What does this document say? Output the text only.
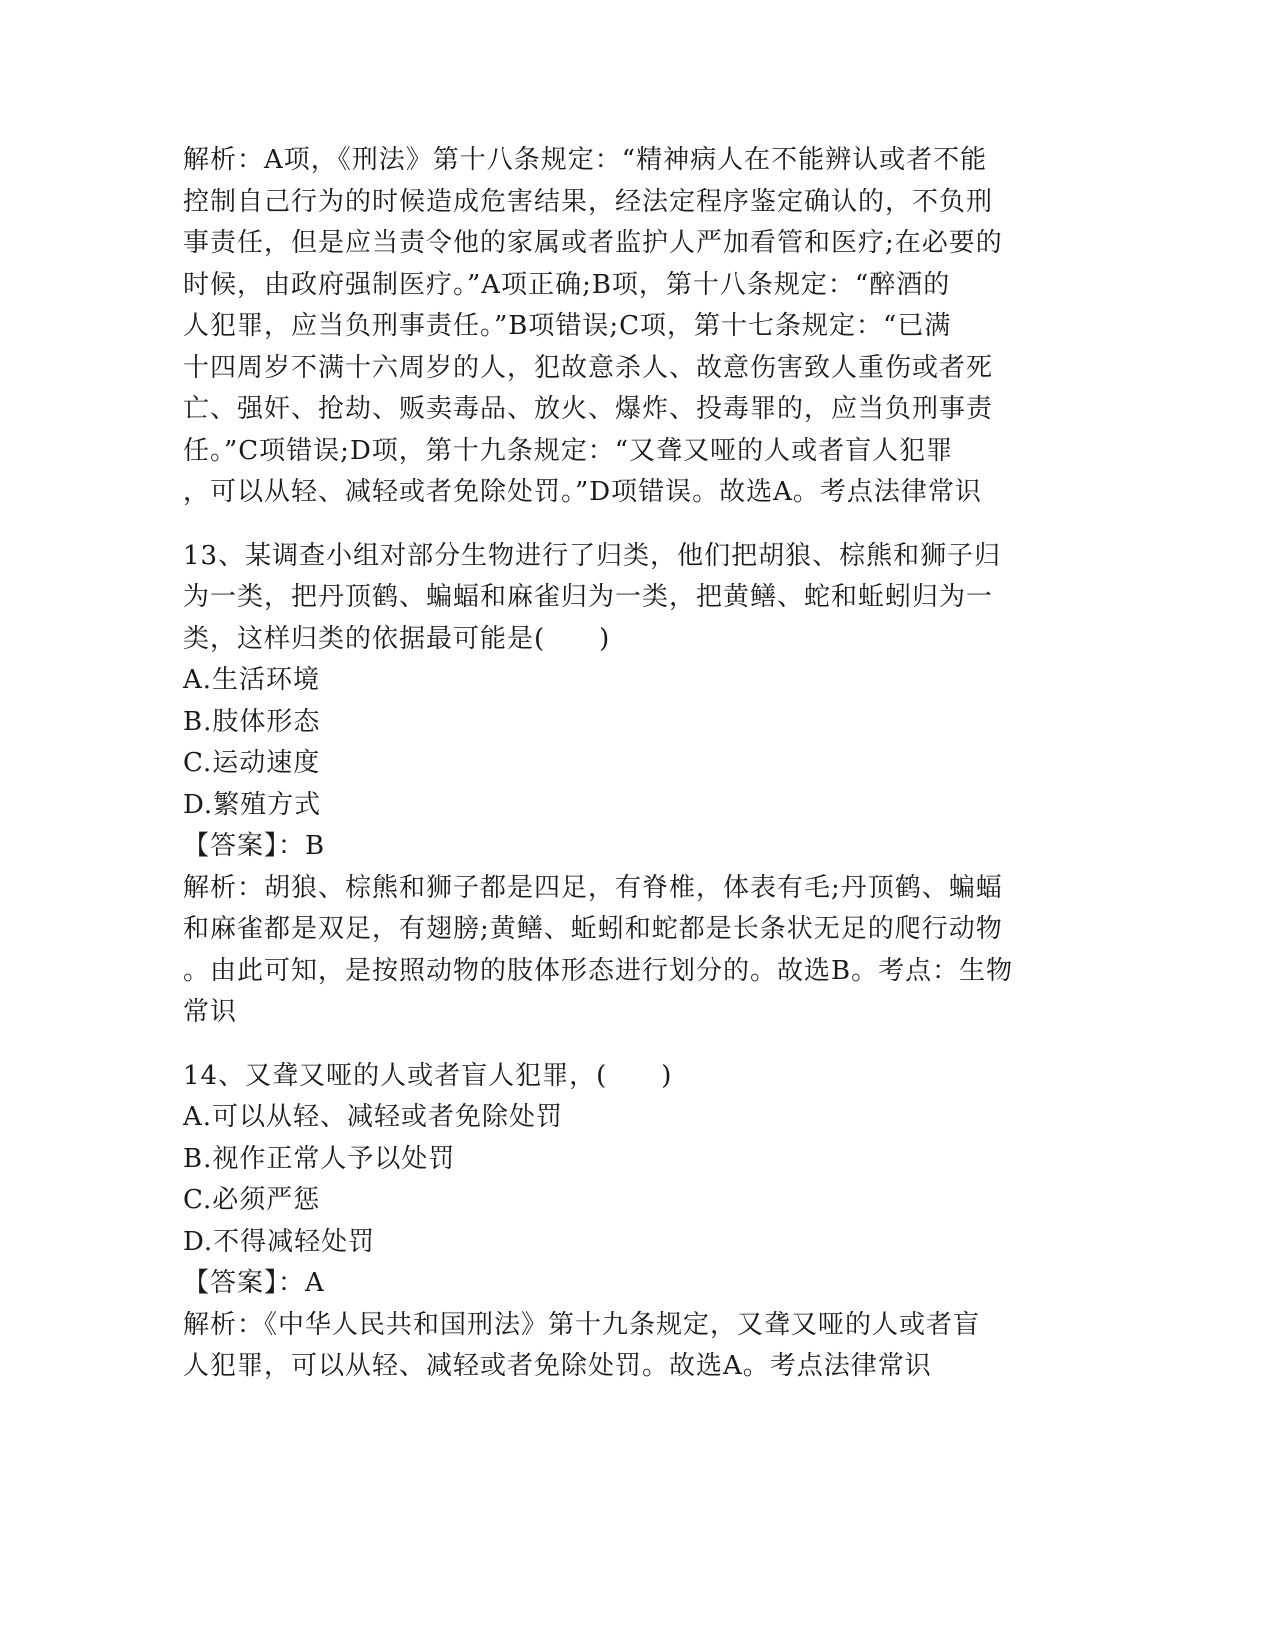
解析：A项，《刑法》第十八条规定：“精神病人在不能辨认或者不能
控制自己行为的时候造成危害结果，经法定程序鉴定确认的，不负刑
事责任，但是应当责令他的家属或者监护人严加看管和医疗;在必要的
时候，由政府强制医疗。”A项正确;B项，第十八条规定：“醉酒的
人犯罪，应当负刑事责任。”B项错误;C项，第十七条规定：“已满
十四周岁不满十六周岁的人，犯故意杀人、故意伤害致人重伤或者死
亡、强奸、抢劫、贩卖毒品、放火、爆炸、投毒罪的，应当负刑事责
任。”C项错误;D项，第十九条规定：“又聋又哑的人或者盲人犯罪
，可以从轻、减轻或者免除处罚。”D项错误。故选A。考点法律常识
13、某调查小组对部分生物进行了归类，他们把胡狼、棕熊和狮子归
为一类，把丹顶鹤、蝙蝠和麻雀归为一类，把黄鳝、蛇和蚯蚓归为一
类，这样归类的依据最可能是(　　)
A.生活环境
B.肢体形态
C.运动速度
D.繁殖方式
【答案】：B
解析：胡狼、棕熊和狮子都是四足，有脊椎，体表有毛;丹顶鹤、蝙蝠
和麻雀都是双足，有翅膀;黄鳝、蚯蚓和蛇都是长条状无足的爬行动物
。由此可知，是按照动物的肢体形态进行划分的。故选B。考点：生物
常识
14、又聋又哑的人或者盲人犯罪，(　　)
A.可以从轻、减轻或者免除处罚
B.视作正常人予以处罚
C.必须严惩
D.不得减轻处罚
【答案】：A
解析：《中华人民共和国刑法》第十九条规定，又聋又哑的人或者盲
人犯罪，可以从轻、减轻或者免除处罚。故选A。考点法律常识
